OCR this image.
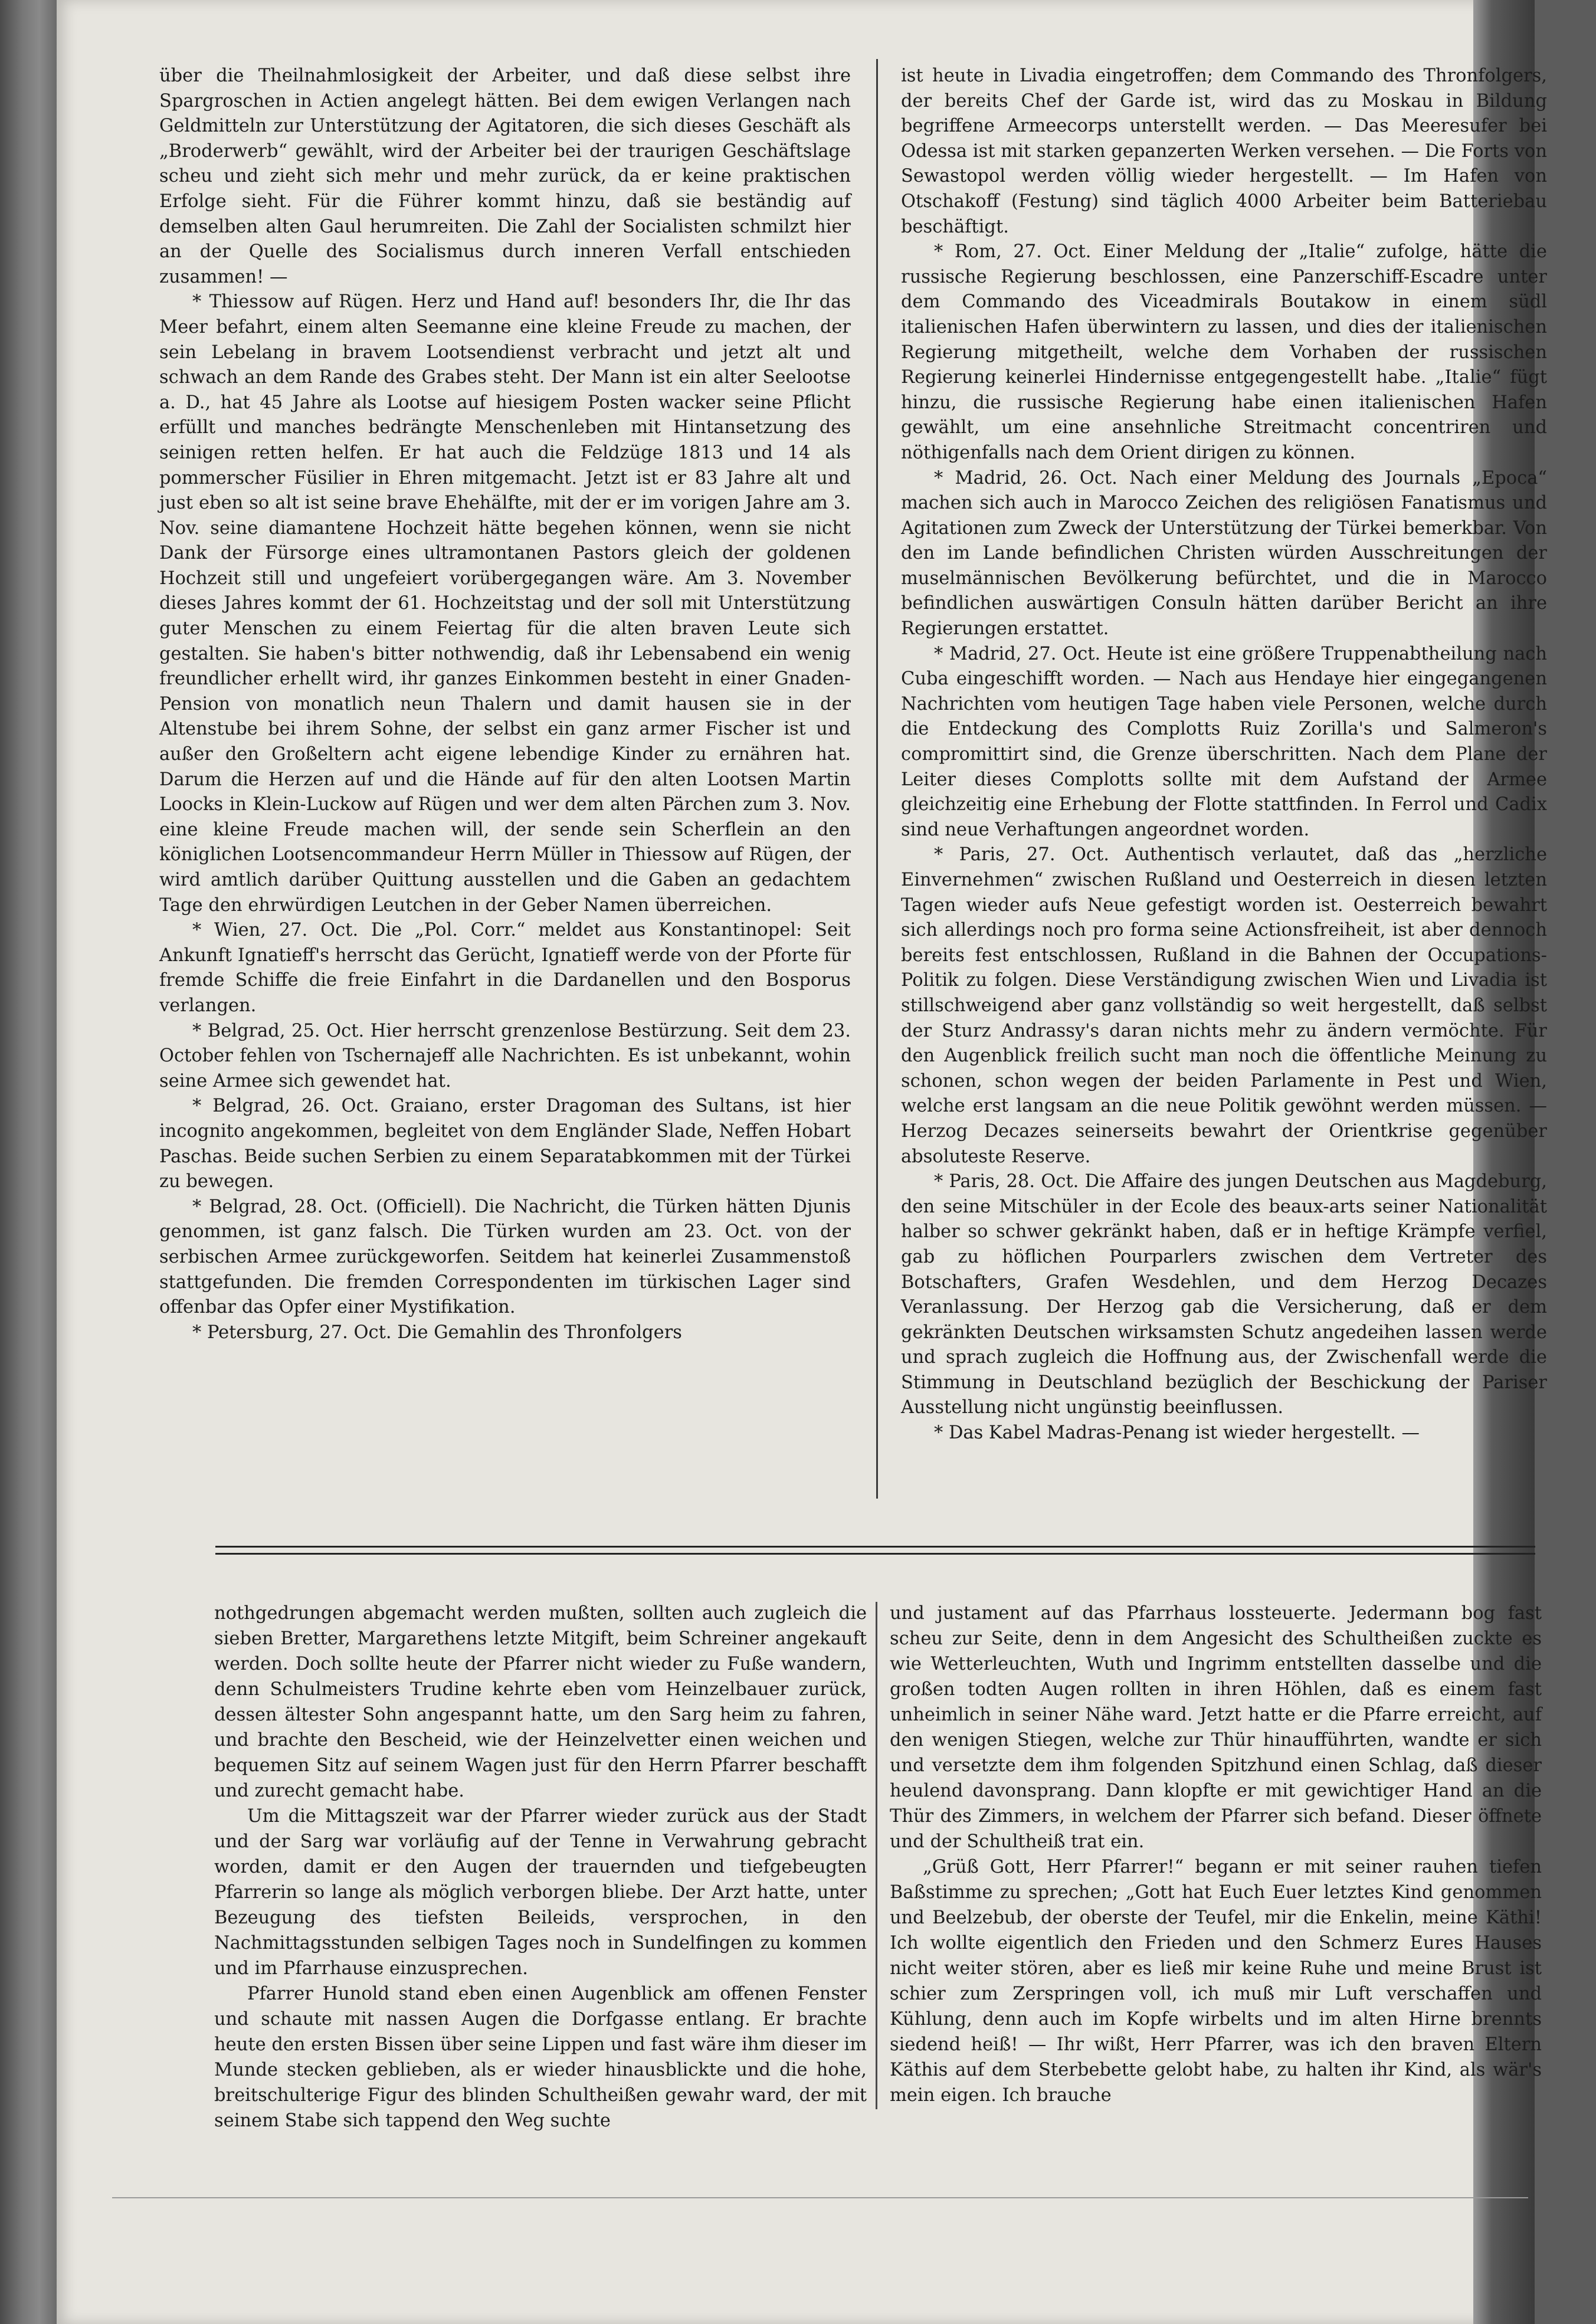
über die Theilnahmlosigkeit der Arbeiter, und daß diese selbst ihre Spargroschen in Actien angelegt hätten. Bei dem ewigen Verlangen nach Geldmitteln zur Unterstützung der Agitatoren, die sich dieses Geschäft als „Broderwerb“ gewählt, wird der Arbeiter bei der traurigen Geschäftslage scheu und zieht sich mehr und mehr zurück, da er keine praktischen Erfolge sieht. Für die Führer kommt hinzu, daß sie beständig auf demselben alten Gaul herumreiten. Die Zahl der Socialisten schmilzt hier an der Quelle des Socialismus durch inneren Verfall entschieden zusammen! —

* Thiessow auf Rügen. Herz und Hand auf! besonders Ihr, die Ihr das Meer befahrt, einem alten Seemanne eine kleine Freude zu machen, der sein Lebelang in bravem Lootsendienst verbracht und jetzt alt und schwach an dem Rande des Grabes steht. Der Mann ist ein alter Seelootse a. D., hat 45 Jahre als Lootse auf hiesigem Posten wacker seine Pflicht erfüllt und manches bedrängte Menschenleben mit Hintansetzung des seinigen retten helfen. Er hat auch die Feldzüge 1813 und 14 als pommerscher Füsilier in Ehren mitgemacht. Jetzt ist er 83 Jahre alt und just eben so alt ist seine brave Ehehälfte, mit der er im vorigen Jahre am 3. Nov. seine diamantene Hochzeit hätte begehen können, wenn sie nicht Dank der Fürsorge eines ultramontanen Pastors gleich der goldenen Hochzeit still und ungefeiert vorübergegangen wäre. Am 3. November dieses Jahres kommt der 61. Hochzeitstag und der soll mit Unterstützung guter Menschen zu einem Feiertag für die alten braven Leute sich gestalten. Sie haben's bitter nothwendig, daß ihr Lebensabend ein wenig freundlicher erhellt wird, ihr ganzes Einkommen besteht in einer Gnaden-Pension von monatlich neun Thalern und damit hausen sie in der Altenstube bei ihrem Sohne, der selbst ein ganz armer Fischer ist und außer den Großeltern acht eigene lebendige Kinder zu ernähren hat. Darum die Herzen auf und die Hände auf für den alten Lootsen Martin Loocks in Klein-Luckow auf Rügen und wer dem alten Pärchen zum 3. Nov. eine kleine Freude machen will, der sende sein Scherflein an den königlichen Lootsencommandeur Herrn Müller in Thiessow auf Rügen, der wird amtlich darüber Quittung ausstellen und die Gaben an gedachtem Tage den ehrwürdigen Leutchen in der Geber Namen überreichen.

* Wien, 27. Oct. Die „Pol. Corr.“ meldet aus Konstantinopel: Seit Ankunft Ignatieff's herrscht das Gerücht, Ignatieff werde von der Pforte für fremde Schiffe die freie Einfahrt in die Dardanellen und den Bosporus verlangen.

* Belgrad, 25. Oct. Hier herrscht grenzenlose Bestürzung. Seit dem 23. October fehlen von Tschernajeff alle Nachrichten. Es ist unbekannt, wohin seine Armee sich gewendet hat.

* Belgrad, 26. Oct. Graiano, erster Dragoman des Sultans, ist hier incognito angekommen, begleitet von dem Engländer Slade, Neffen Hobart Paschas. Beide suchen Serbien zu einem Separatabkommen mit der Türkei zu bewegen.

* Belgrad, 28. Oct. (Officiell). Die Nachricht, die Türken hätten Djunis genommen, ist ganz falsch. Die Türken wurden am 23. Oct. von der serbischen Armee zurückgeworfen. Seitdem hat keinerlei Zusammenstoß stattgefunden. Die fremden Correspondenten im türkischen Lager sind offenbar das Opfer einer Mystifikation.

* Petersburg, 27. Oct. Die Gemahlin des Thronfolgers

ist heute in Livadia eingetroffen; dem Commando des Thronfolgers, der bereits Chef der Garde ist, wird das zu Moskau in Bildung begriffene Armeecorps unterstellt werden. — Das Meeresufer bei Odessa ist mit starken gepanzerten Werken versehen. — Die Forts von Sewastopol werden völlig wieder hergestellt. — Im Hafen von Otschakoff (Festung) sind täglich 4000 Arbeiter beim Batteriebau beschäftigt.

* Rom, 27. Oct. Einer Meldung der „Italie“ zufolge, hätte die russische Regierung beschlossen, eine Panzerschiff-Escadre unter dem Commando des Viceadmirals Boutakow in einem südl italienischen Hafen überwintern zu lassen, und dies der italienischen Regierung mitgetheilt, welche dem Vorhaben der russischen Regierung keinerlei Hindernisse entgegengestellt habe. „Italie“ fügt hinzu, die russische Regierung habe einen italienischen Hafen gewählt, um eine ansehnliche Streitmacht concentriren und nöthigenfalls nach dem Orient dirigen zu können.

* Madrid, 26. Oct. Nach einer Meldung des Journals „Epoca“ machen sich auch in Marocco Zeichen des religiösen Fanatismus und Agitationen zum Zweck der Unterstützung der Türkei bemerkbar. Von den im Lande befindlichen Christen würden Ausschreitungen der muselmännischen Bevölkerung befürchtet, und die in Marocco befindlichen auswärtigen Consuln hätten darüber Bericht an ihre Regierungen erstattet.

* Madrid, 27. Oct. Heute ist eine größere Truppenabtheilung nach Cuba eingeschifft worden. — Nach aus Hendaye hier eingegangenen Nachrichten vom heutigen Tage haben viele Personen, welche durch die Entdeckung des Complotts Ruiz Zorilla's und Salmeron's compromittirt sind, die Grenze überschritten. Nach dem Plane der Leiter dieses Complotts sollte mit dem Aufstand der Armee gleichzeitig eine Erhebung der Flotte stattfinden. In Ferrol und Cadix sind neue Verhaftungen angeordnet worden.

* Paris, 27. Oct. Authentisch verlautet, daß das „herzliche Einvernehmen“ zwischen Rußland und Oesterreich in diesen letzten Tagen wieder aufs Neue gefestigt worden ist. Oesterreich bewahrt sich allerdings noch pro forma seine Actionsfreiheit, ist aber dennoch bereits fest entschlossen, Rußland in die Bahnen der Occupations-Politik zu folgen. Diese Verständigung zwischen Wien und Livadia ist stillschweigend aber ganz vollständig so weit hergestellt, daß selbst der Sturz Andrassy's daran nichts mehr zu ändern vermöchte. Für den Augenblick freilich sucht man noch die öffentliche Meinung zu schonen, schon wegen der beiden Parlamente in Pest und Wien, welche erst langsam an die neue Politik gewöhnt werden müssen. — Herzog Decazes seinerseits bewahrt der Orientkrise gegenüber absoluteste Reserve.

* Paris, 28. Oct. Die Affaire des jungen Deutschen aus Magdeburg, den seine Mitschüler in der Ecole des beaux-arts seiner Nationalität halber so schwer gekränkt haben, daß er in heftige Krämpfe verfiel, gab zu höflichen Pourparlers zwischen dem Vertreter des Botschafters, Grafen Wesdehlen, und dem Herzog Decazes Veranlassung. Der Herzog gab die Versicherung, daß er dem gekränkten Deutschen wirksamsten Schutz angedeihen lassen werde und sprach zugleich die Hoffnung aus, der Zwischenfall werde die Stimmung in Deutschland bezüglich der Beschickung der Pariser Ausstellung nicht ungünstig beeinflussen.

* Das Kabel Madras-Penang ist wieder hergestellt. —

nothgedrungen abgemacht werden mußten, sollten auch zugleich die sieben Bretter, Margarethens letzte Mitgift, beim Schreiner angekauft werden. Doch sollte heute der Pfarrer nicht wieder zu Fuße wandern, denn Schulmeisters Trudine kehrte eben vom Heinzelbauer zurück, dessen ältester Sohn angespannt hatte, um den Sarg heim zu fahren, und brachte den Bescheid, wie der Heinzelvetter einen weichen und bequemen Sitz auf seinem Wagen just für den Herrn Pfarrer beschafft und zurecht gemacht habe.

Um die Mittagszeit war der Pfarrer wieder zurück aus der Stadt und der Sarg war vorläufig auf der Tenne in Verwahrung gebracht worden, damit er den Augen der trauernden und tiefgebeugten Pfarrerin so lange als möglich verborgen bliebe. Der Arzt hatte, unter Bezeugung des tiefsten Beileids, versprochen, in den Nachmittagsstunden selbigen Tages noch in Sundelfingen zu kommen und im Pfarrhause einzusprechen.

Pfarrer Hunold stand eben einen Augenblick am offenen Fenster und schaute mit nassen Augen die Dorfgasse entlang. Er brachte heute den ersten Bissen über seine Lippen und fast wäre ihm dieser im Munde stecken geblieben, als er wieder hinausblickte und die hohe, breitschulterige Figur des blinden Schultheißen gewahr ward, der mit seinem Stabe sich tappend den Weg suchte

und justament auf das Pfarrhaus lossteuerte. Jedermann bog fast scheu zur Seite, denn in dem Angesicht des Schultheißen zuckte es wie Wetterleuchten, Wuth und Ingrimm entstellten dasselbe und die großen todten Augen rollten in ihren Höhlen, daß es einem fast unheimlich in seiner Nähe ward. Jetzt hatte er die Pfarre erreicht, auf den wenigen Stiegen, welche zur Thür hinaufführten, wandte er sich und versetzte dem ihm folgenden Spitzhund einen Schlag, daß dieser heulend davonsprang. Dann klopfte er mit gewichtiger Hand an die Thür des Zimmers, in welchem der Pfarrer sich befand. Dieser öffnete und der Schultheiß trat ein.

„Grüß Gott, Herr Pfarrer!“ begann er mit seiner rauhen tiefen Baßstimme zu sprechen; „Gott hat Euch Euer letztes Kind genommen und Beelzebub, der oberste der Teufel, mir die Enkelin, meine Käthi! Ich wollte eigentlich den Frieden und den Schmerz Eures Hauses nicht weiter stören, aber es ließ mir keine Ruhe und meine Brust ist schier zum Zerspringen voll, ich muß mir Luft verschaffen und Kühlung, denn auch im Kopfe wirbelts und im alten Hirne brennts siedend heiß! — Ihr wißt, Herr Pfarrer, was ich den braven Eltern Käthis auf dem Sterbebette gelobt habe, zu halten ihr Kind, als wär's mein eigen. Ich brauche
